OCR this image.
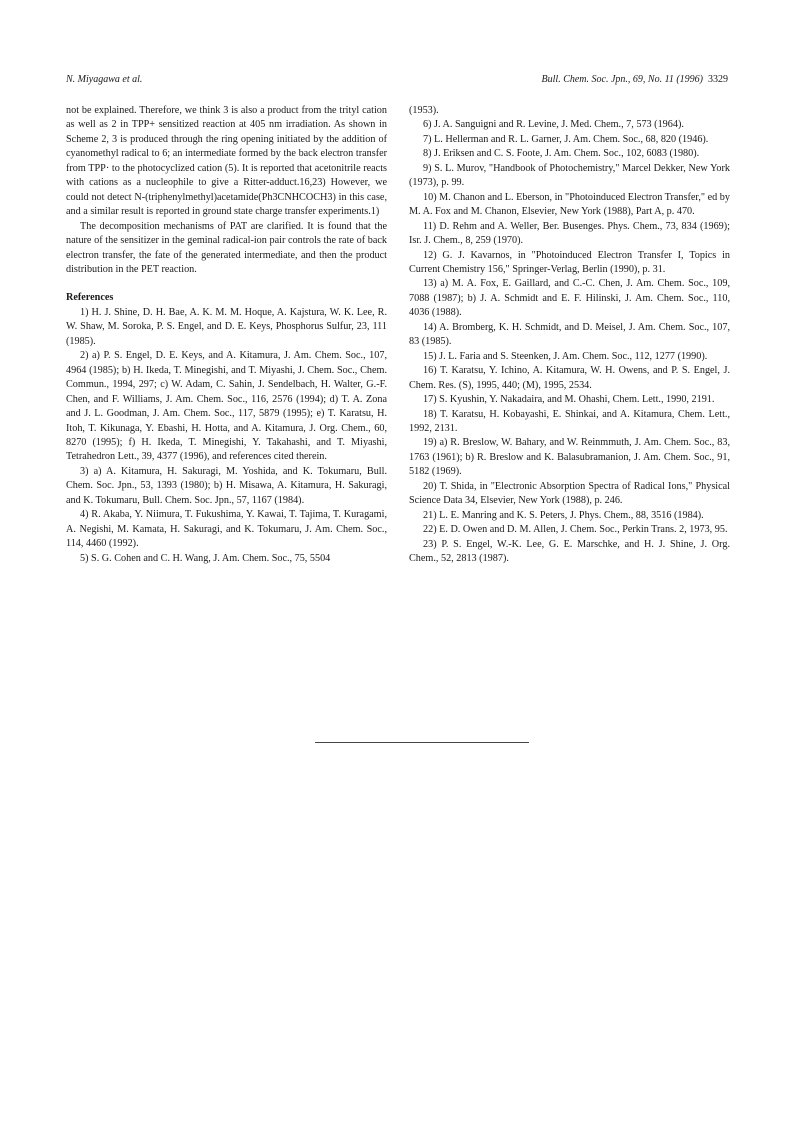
N. Miyagawa et al.	Bull. Chem. Soc. Jpn., 69, No. 11 (1996) 3329

not be explained. Therefore, we think 3 is also a product from the trityl cation as well as 2 in TPP+ sensitized reaction at 405 nm irradiation. As shown in Scheme 2, 3 is produced through the ring opening initiated by the addition of cyanomethyl radical to 6; an intermediate formed by the back electron transfer from TPP· to the photocyclized cation (5). It is reported that acetonitrile reacts with cations as a nucleophile to give a Ritter-adduct.16,23) However, we could not detect N-(triphenylmethyl)acetamide(Ph3CNHCOCH3) in this case, and a similar result is reported in ground state charge transfer experiments.1)

The decomposition mechanisms of PAT are clarified. It is found that the nature of the sensitizer in the geminal radical-ion pair controls the rate of back electron transfer, the fate of the generated intermediate, and then the product distribution in the PET reaction.

References

1) H. J. Shine, D. H. Bae, A. K. M. M. Hoque, A. Kajstura, W. K. Lee, R. W. Shaw, M. Soroka, P. S. Engel, and D. E. Keys, Phosphorus Sulfur, 23, 111 (1985).

2) a) P. S. Engel, D. E. Keys, and A. Kitamura, J. Am. Chem. Soc., 107, 4964 (1985); b) H. Ikeda, T. Minegishi, and T. Miyashi, J. Chem. Soc., Chem. Commun., 1994, 297; c) W. Adam, C. Sahin, J. Sendelbach, H. Walter, G.-F. Chen, and F. Williams, J. Am. Chem. Soc., 116, 2576 (1994); d) T. A. Zona and J. L. Goodman, J. Am. Chem. Soc., 117, 5879 (1995); e) T. Karatsu, H. Itoh, T. Kikunaga, Y. Ebashi, H. Hotta, and A. Kitamura, J. Org. Chem., 60, 8270 (1995); f) H. Ikeda, T. Minegishi, Y. Takahashi, and T. Miyashi, Tetrahedron Lett., 39, 4377 (1996), and references cited therein.

3) a) A. Kitamura, H. Sakuragi, M. Yoshida, and K. Tokumaru, Bull. Chem. Soc. Jpn., 53, 1393 (1980); b) H. Misawa, A. Kitamura, H. Sakuragi, and K. Tokumaru, Bull. Chem. Soc. Jpn., 57, 1167 (1984).

4) R. Akaba, Y. Niimura, T. Fukushima, Y. Kawai, T. Tajima, T. Kuragami, A. Negishi, M. Kamata, H. Sakuragi, and K. Tokumaru, J. Am. Chem. Soc., 114, 4460 (1992).

5) S. G. Cohen and C. H. Wang, J. Am. Chem. Soc., 75, 5504

(1953).

6) J. A. Sanguigni and R. Levine, J. Med. Chem., 7, 573 (1964).

7) L. Hellerman and R. L. Garner, J. Am. Chem. Soc., 68, 820 (1946).

8) J. Eriksen and C. S. Foote, J. Am. Chem. Soc., 102, 6083 (1980).

9) S. L. Murov, "Handbook of Photochemistry," Marcel Dekker, New York (1973), p. 99.

10) M. Chanon and L. Eberson, in "Photoinduced Electron Transfer," ed by M. A. Fox and M. Chanon, Elsevier, New York (1988), Part A, p. 470.

11) D. Rehm and A. Weller, Ber. Busenges. Phys. Chem., 73, 834 (1969); Isr. J. Chem., 8, 259 (1970).

12) G. J. Kavarnos, in "Photoinduced Electron Transfer I, Topics in Current Chemistry 156," Springer-Verlag, Berlin (1990), p. 31.

13) a) M. A. Fox, E. Gaillard, and C.-C. Chen, J. Am. Chem. Soc., 109, 7088 (1987); b) J. A. Schmidt and E. F. Hilinski, J. Am. Chem. Soc., 110, 4036 (1988).

14) A. Bromberg, K. H. Schmidt, and D. Meisel, J. Am. Chem. Soc., 107, 83 (1985).

15) J. L. Faria and S. Steenken, J. Am. Chem. Soc., 112, 1277 (1990).

16) T. Karatsu, Y. Ichino, A. Kitamura, W. H. Owens, and P. S. Engel, J. Chem. Res. (S), 1995, 440; (M), 1995, 2534.

17) S. Kyushin, Y. Nakadaira, and M. Ohashi, Chem. Lett., 1990, 2191.

18) T. Karatsu, H. Kobayashi, E. Shinkai, and A. Kitamura, Chem. Lett., 1992, 2131.

19) a) R. Breslow, W. Bahary, and W. Reinmmuth, J. Am. Chem. Soc., 83, 1763 (1961); b) R. Breslow and K. Balasubramanion, J. Am. Chem. Soc., 91, 5182 (1969).

20) T. Shida, in "Electronic Absorption Spectra of Radical Ions," Physical Science Data 34, Elsevier, New York (1988), p. 246.

21) L. E. Manring and K. S. Peters, J. Phys. Chem., 88, 3516 (1984).

22) E. D. Owen and D. M. Allen, J. Chem. Soc., Perkin Trans. 2, 1973, 95.

23) P. S. Engel, W.-K. Lee, G. E. Marschke, and H. J. Shine, J. Org. Chem., 52, 2813 (1987).
